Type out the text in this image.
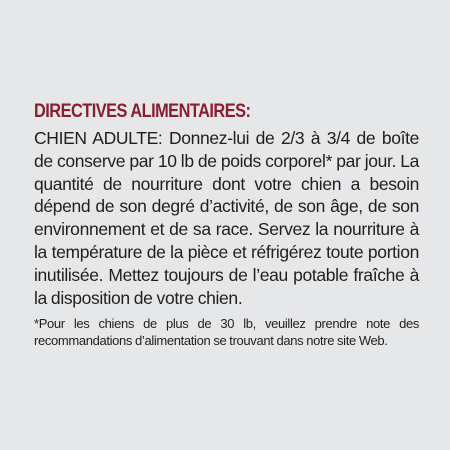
DIRECTIVES ALIMENTAIRES:

CHIEN ADULTE: Donnez-lui de 2/3 à 3/4 de boîte de conserve par 10 lb de poids corporel* par jour. La quantité de nourriture dont votre chien a besoin dépend de son degré d’activité, de son âge, de son environnement et de sa race. Servez la nourriture à la température de la pièce et réfrigérez toute portion inutilisée. Mettez toujours de l’eau potable fraîche à la disposition de votre chien.

*Pour les chiens de plus de 30 lb, veuillez prendre note des recommandations d’alimentation se trouvant dans notre site Web.
